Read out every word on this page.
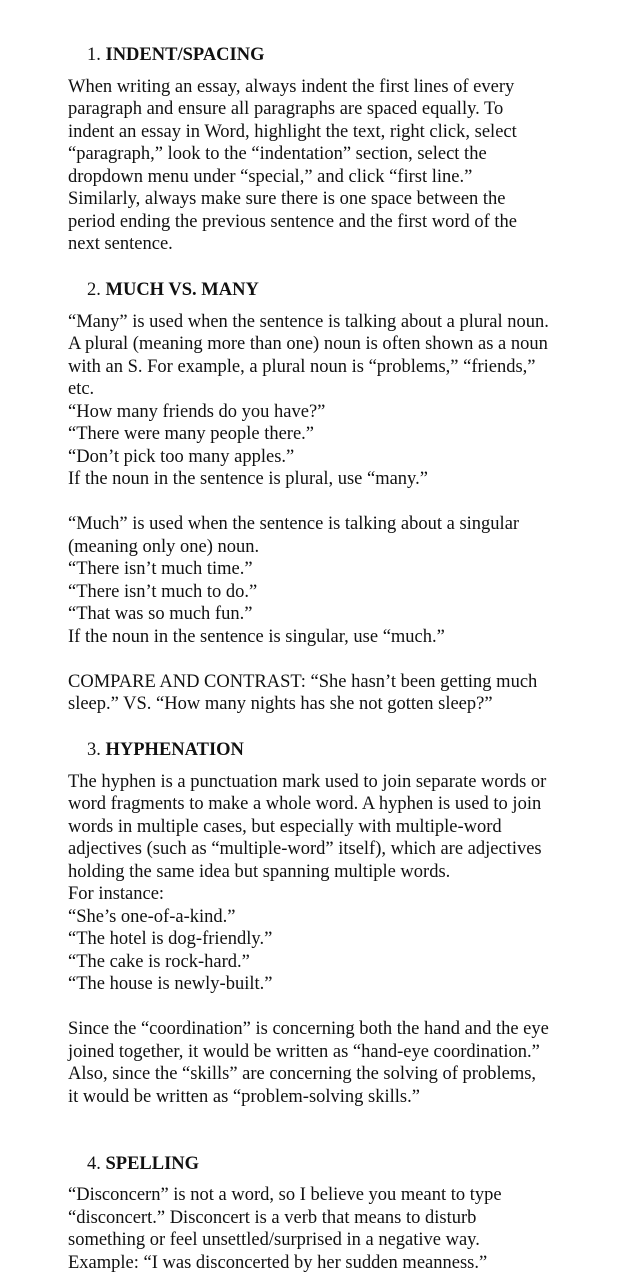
1. INDENT/SPACING
When writing an essay, always indent the first lines of every
paragraph and ensure all paragraphs are spaced equally. To
indent an essay in Word, highlight the text, right click, select
“paragraph,” look to the “indentation” section, select the
dropdown menu under “special,” and click “first line.”
Similarly, always make sure there is one space between the
period ending the previous sentence and the first word of the
next sentence.
2. MUCH VS. MANY
“Many” is used when the sentence is talking about a plural noun.
A plural (meaning more than one) noun is often shown as a noun
with an S. For example, a plural noun is “problems,” “friends,”
etc.
“How many friends do you have?”
“There were many people there.”
“Don’t pick too many apples.”
If the noun in the sentence is plural, use “many.”
“Much” is used when the sentence is talking about a singular
(meaning only one) noun.
“There isn’t much time.”
“There isn’t much to do.”
“That was so much fun.”
If the noun in the sentence is singular, use “much.”
COMPARE AND CONTRAST: “She hasn’t been getting much
sleep.” VS. “How many nights has she not gotten sleep?”
3. HYPHENATION
The hyphen is a punctuation mark used to join separate words or
word fragments to make a whole word. A hyphen is used to join
words in multiple cases, but especially with multiple-word
adjectives (such as “multiple-word” itself), which are adjectives
holding the same idea but spanning multiple words.
For instance:
“She’s one-of-a-kind.”
“The hotel is dog-friendly.”
“The cake is rock-hard.”
“The house is newly-built.”
Since the “coordination” is concerning both the hand and the eye
joined together, it would be written as “hand-eye coordination.”
Also, since the “skills” are concerning the solving of problems,
it would be written as “problem-solving skills.”
4. SPELLING
“Disconcern” is not a word, so I believe you meant to type
“disconcert.” Disconcert is a verb that means to disturb
something or feel unsettled/surprised in a negative way.
Example: “I was disconcerted by her sudden meanness.”
